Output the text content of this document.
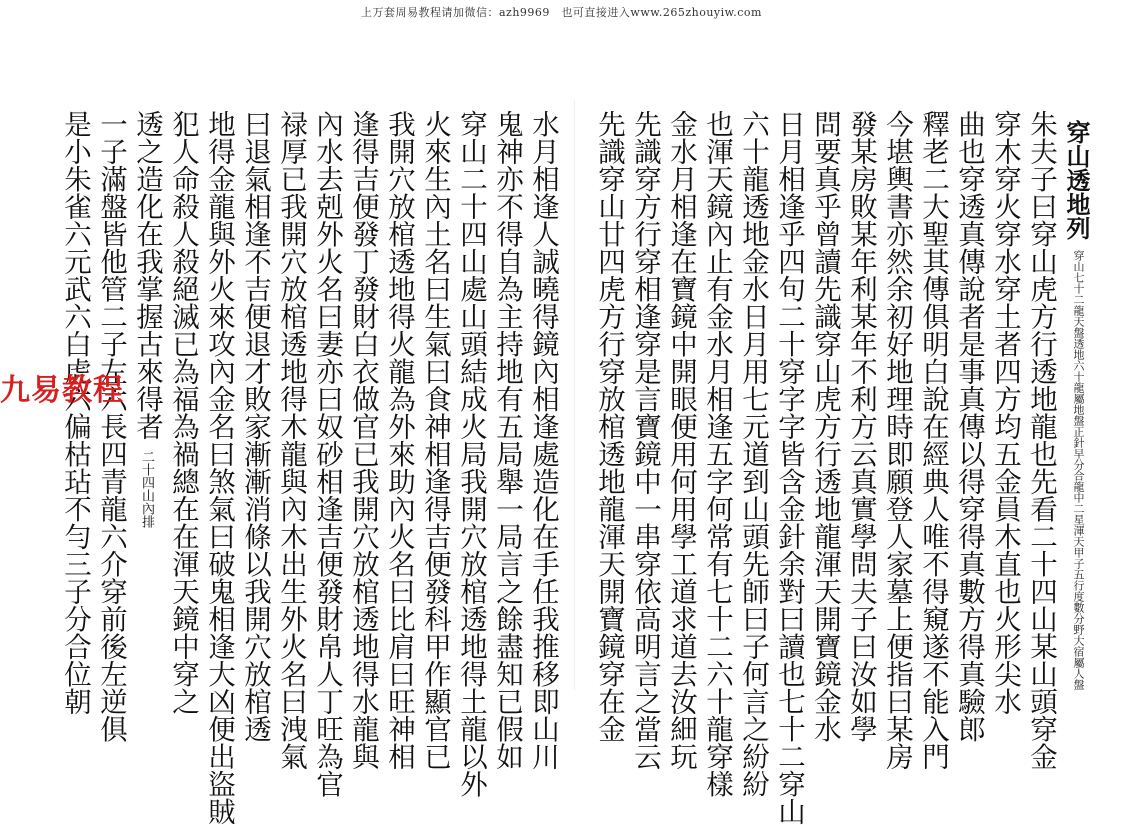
上万套周易教程请加微信：azh9969　也可直接进入www.265zhouyiw.com
穿山透地列
穿山七十二龍天盤透地六十龍屬地盤正針早分合龍中二星渾天甲子五行度數分野大宿屬人盤
朱夫子曰穿山虎方行透地龍也先看二十四山某山頭穿金
穿木穿火穿水穿土者四方均五金員木直也火形尖水
曲也穿透真傳說者是事真傳以得穿得真數方得真驗郎
釋老二大聖其傳俱明白說在經典人唯不得窺遂不能入門
今堪輿書亦然余初好地理時即願登人家墓上便指曰某房
發某房敗某年利某年不利方云真實學問夫子曰汝如學
問要真乎曾讀先識穿山虎方行透地龍渾天開寶鏡金水
日月相逢乎四句二十穿字字皆含金針余對曰讀也七十二穿山
六十龍透地金水日月用七元道到山頭先師曰子何言之紛紛
也渾天鏡內止有金水月相逢五字何常有七十二六十龍穿樣
金水月相逢在寶鏡中開眼便用何用學工道求道去汝細玩
先識穿方行穿相逢穿是言寶鏡中一串穿依高明言之當云
先識穿山廿四虎方行穿放棺透地龍渾天開寶鏡穿在金
水月相逢人誠曉得鏡內相逢處造化在手任我推移即山川
鬼神亦不得自為主持地有五局舉一局言之餘盡知已假如
穿山二十四山處山頭結成火局我開穴放棺透地得土龍以外
火來生內土名曰生氣曰食神相逢得吉便發科甲作顯官已
我開穴放棺透地得火龍為外來助內火名曰比肩曰旺神相
逢得吉便發丁發財白衣做官已我開穴放棺透地得水龍與
內水去剋外火名曰妻亦曰奴砂相逢吉便發財帛人丁旺為官
禄厚已我開穴放棺透地得木龍與內木出生外火名曰洩氣
曰退氣相逢不吉便退才敗家漸漸消條以我開穴放棺透
地得金龍與外火來攻內金名曰煞氣曰破鬼相逢大凶便出盜賊
犯人命殺人殺絕滅已為福為禍總在在渾天鏡中穿之
透之造化在我掌握古來得者
二十四山內排
一子滿盤皆他管二子左六長四青龍六介穿前後左逆俱
是小朱雀六元武六白虎六偏枯玷不勻三子分合位朝
九易教程
